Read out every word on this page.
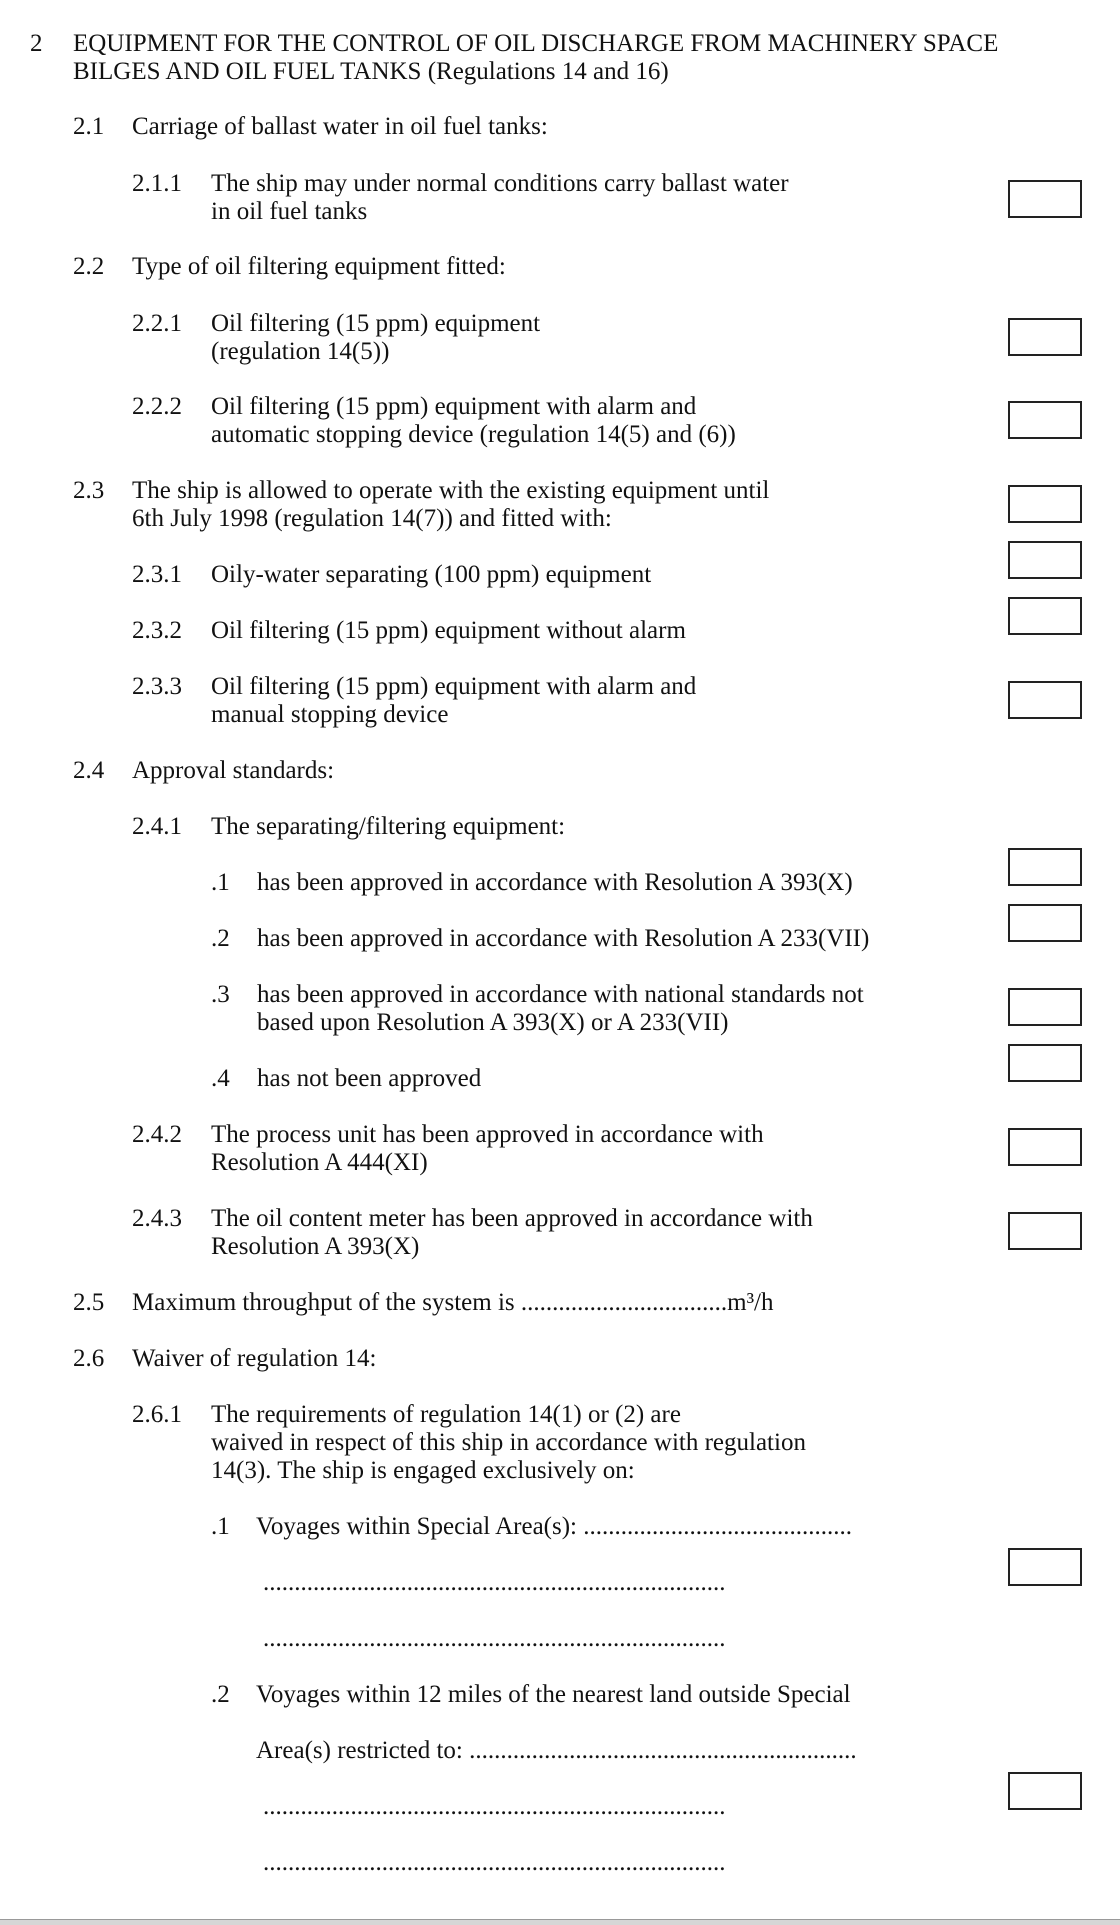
2 EQUIPMENT FOR THE CONTROL OF OIL DISCHARGE FROM MACHINERY SPACE
BILGES AND OIL FUEL TANKS (Regulations 14 and 16)
2.1 Carriage of ballast water in oil fuel tanks:
2.1.1 The ship may under normal conditions carry ballast water
in oil fuel tanks
2.2 Type of oil filtering equipment fitted:
2.2.1 Oil filtering (15 ppm) equipment
(regulation 14(5))
2.2.2 Oil filtering (15 ppm) equipment with alarm and
automatic stopping device (regulation 14(5) and (6))
2.3 The ship is allowed to operate with the existing equipment until
6th July 1998 (regulation 14(7)) and fitted with:
2.3.1 Oily-water separating (100 ppm) equipment
2.3.2 Oil filtering (15 ppm) equipment without alarm
2.3.3 Oil filtering (15 ppm) equipment with alarm and
manual stopping device
2.4 Approval standards:
2.4.1 The separating/filtering equipment:
.1 has been approved in accordance with Resolution A 393(X)
.2 has been approved in accordance with Resolution A 233(VII)
.3 has been approved in accordance with national standards not
based upon Resolution A 393(X) or A 233(VII)
.4 has not been approved
2.4.2 The process unit has been approved in accordance with
Resolution A 444(XI)
2.4.3 The oil content meter has been approved in accordance with
Resolution A 393(X)
2.5 Maximum throughput of the system is .................................m³/h
2.6 Waiver of regulation 14:
2.6.1 The requirements of regulation 14(1) or (2) are
waived in respect of this ship in accordance with regulation
14(3). The ship is engaged exclusively on:
.1 Voyages within Special Area(s): ...........................................
..........................................................................
..........................................................................
.2 Voyages within 12 miles of the nearest land outside Special
Area(s) restricted to: ..............................................................
..........................................................................
..........................................................................
